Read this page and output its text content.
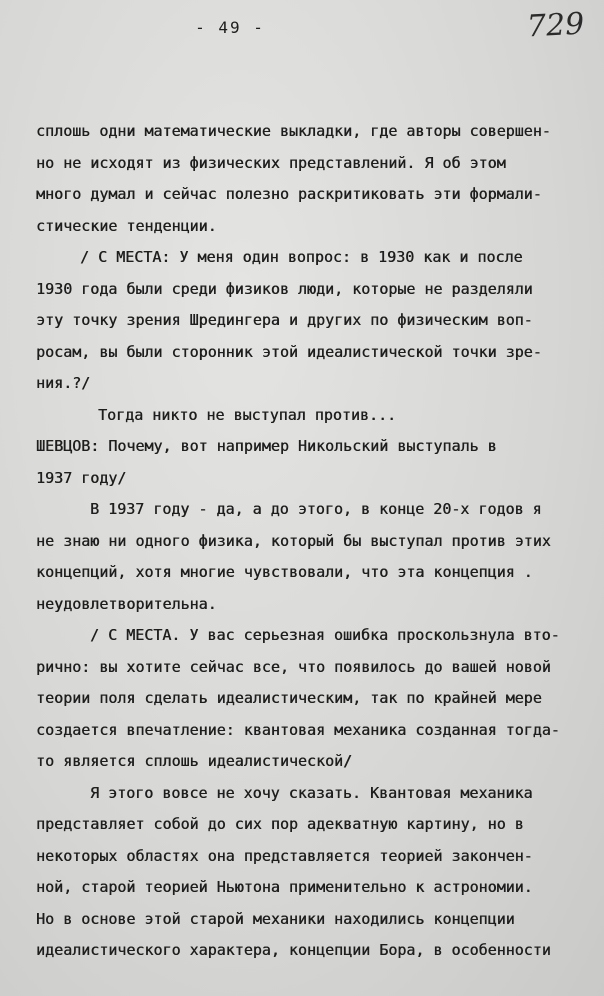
- 49 -	729
сплошь одни математические выкладки, где авторы совершен-
но не исходят из физических представлений. Я об этом
много думал и сейчас полезно раскритиковать эти формали-
стические тенденции.
/ С МЕСТА: У меня один вопрос: в 1930 как и после
1930 года были среди физиков люди, которые не разделяли
эту точку зрения Шредингера и других по физическим воп-
росам, вы были сторонник этой идеалистической точки зре-
ния.?/
Тогда никто не выступал против...
ШЕВЦОВ: Почему, вот например Никольский выступаль в
1937 году/
В 1937 году - да, а до этого, в конце 20-х годов я
не знаю ни одного физика, который бы выступал против этих
концепций, хотя многие чувствовали, что эта концепция .
неудовлетворительна.
/ С МЕСТА. У вас серьезная ошибка проскользнула вто-
рично: вы хотите сейчас все, что появилось до вашей новой
теории поля сделать идеалистическим, так по крайней мере
создается впечатление: квантовая механика созданная тогда-
то является сплошь идеалистической/
Я этого вовсе не хочу сказать. Квантовая механика
представляет собой до сих пор адекватную картину, но в
некоторых областях она представляется теорией закончен-
ной, старой теорией Ньютона применительно к астрономии.
Но в основе этой старой механики находились концепции
идеалистического характера, концепции Бора, в особенности
